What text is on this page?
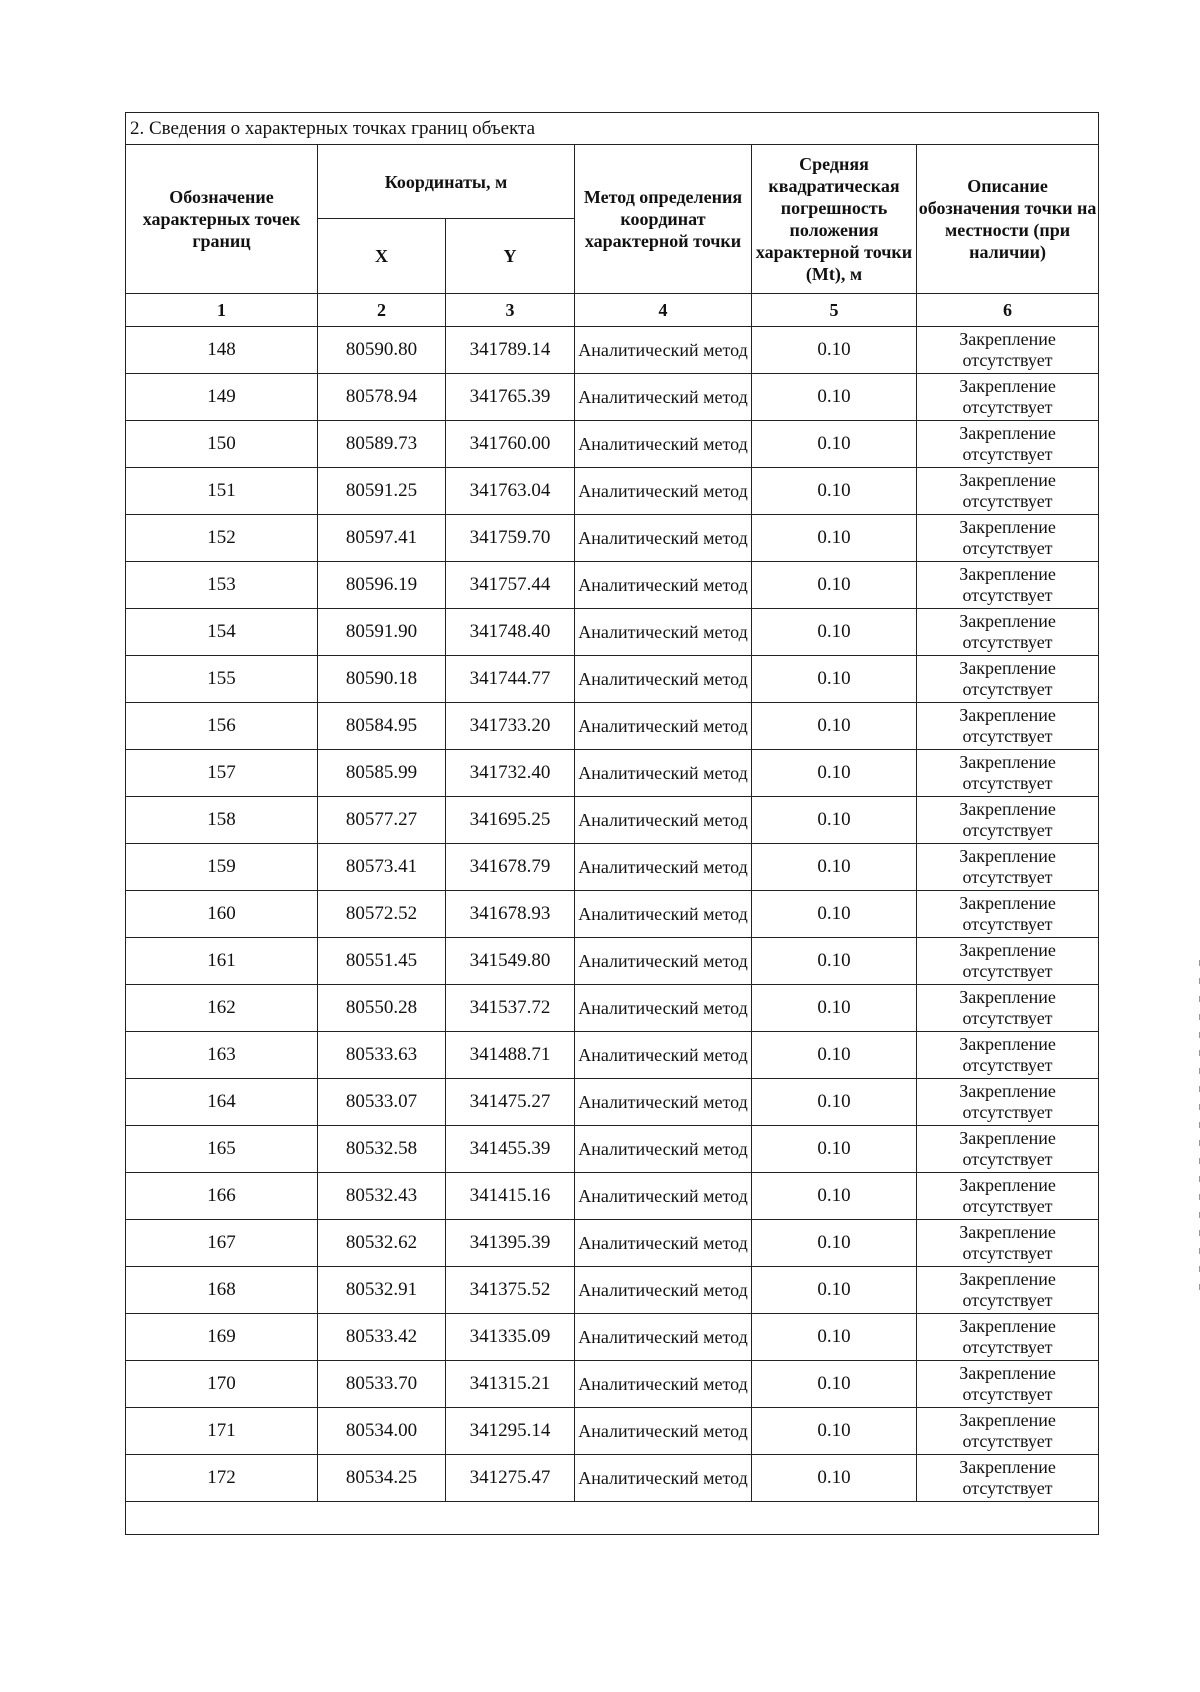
2. Сведения о характерных точках границ объекта					
Обозначение характерных точек границ	Координаты, м		Метод определения координат характерной точки	Средняя квадратическая погрешность положения характерной точки (Mt), м	Описание обозначения точки на местности (при наличии)
	X	Y			
1	2	3	4	5	6
148	80590.80	341789.14	Аналитический метод	0.10	Закрепление отсутствует
149	80578.94	341765.39	Аналитический метод	0.10	Закрепление отсутствует
150	80589.73	341760.00	Аналитический метод	0.10	Закрепление отсутствует
151	80591.25	341763.04	Аналитический метод	0.10	Закрепление отсутствует
152	80597.41	341759.70	Аналитический метод	0.10	Закрепление отсутствует
153	80596.19	341757.44	Аналитический метод	0.10	Закрепление отсутствует
154	80591.90	341748.40	Аналитический метод	0.10	Закрепление отсутствует
155	80590.18	341744.77	Аналитический метод	0.10	Закрепление отсутствует
156	80584.95	341733.20	Аналитический метод	0.10	Закрепление отсутствует
157	80585.99	341732.40	Аналитический метод	0.10	Закрепление отсутствует
158	80577.27	341695.25	Аналитический метод	0.10	Закрепление отсутствует
159	80573.41	341678.79	Аналитический метод	0.10	Закрепление отсутствует
160	80572.52	341678.93	Аналитический метод	0.10	Закрепление отсутствует
161	80551.45	341549.80	Аналитический метод	0.10	Закрепление отсутствует
162	80550.28	341537.72	Аналитический метод	0.10	Закрепление отсутствует
163	80533.63	341488.71	Аналитический метод	0.10	Закрепление отсутствует
164	80533.07	341475.27	Аналитический метод	0.10	Закрепление отсутствует
165	80532.58	341455.39	Аналитический метод	0.10	Закрепление отсутствует
166	80532.43	341415.16	Аналитический метод	0.10	Закрепление отсутствует
167	80532.62	341395.39	Аналитический метод	0.10	Закрепление отсутствует
168	80532.91	341375.52	Аналитический метод	0.10	Закрепление отсутствует
169	80533.42	341335.09	Аналитический метод	0.10	Закрепление отсутствует
170	80533.70	341315.21	Аналитический метод	0.10	Закрепление отсутствует
171	80534.00	341295.14	Аналитический метод	0.10	Закрепление отсутствует
172	80534.25	341275.47	Аналитический метод	0.10	Закрепление отсутствует
